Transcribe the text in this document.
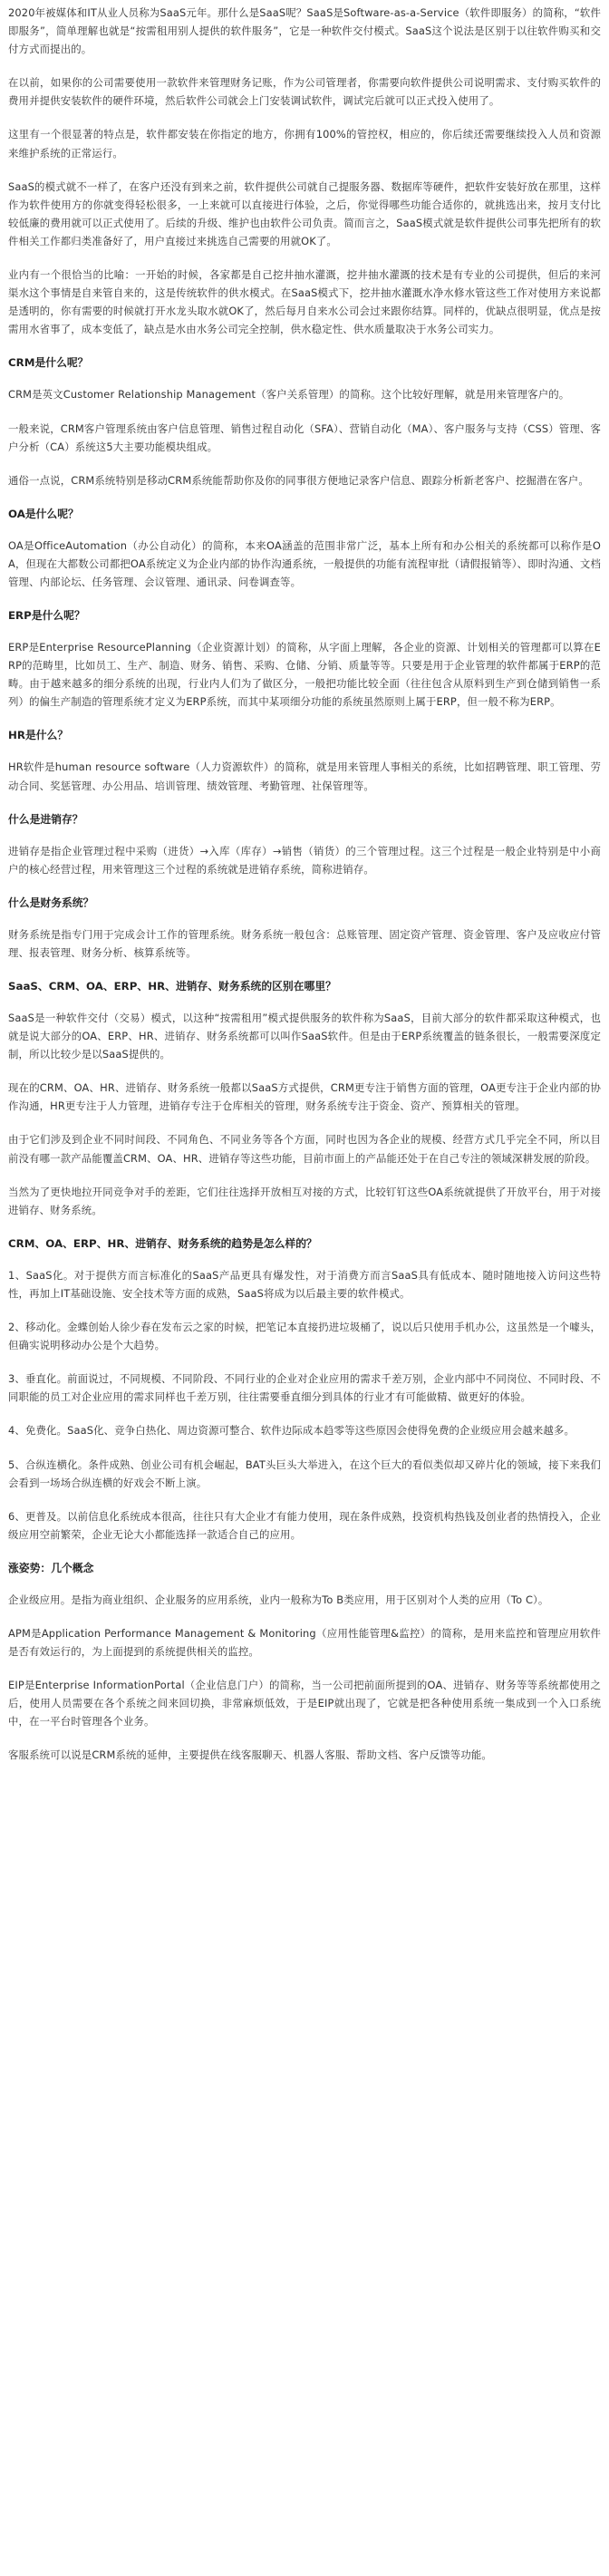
2020年被媒体和IT从业人员称为SaaS元年。那什么是SaaS呢？SaaS是Software-as-a-Service（软件即服务）的简称，“软件即服务”，简单理解也就是“按需租用别人提供的软件服务”，它是一种软件交付模式。SaaS这个说法是区别于以往软件购买和交付方式而提出的。

在以前，如果你的公司需要使用一款软件来管理财务记账，作为公司管理者，你需要向软件提供公司说明需求、支付购买软件的费用并提供安装软件的硬件环境，然后软件公司就会上门安装调试软件，调试完后就可以正式投入使用了。

这里有一个很显著的特点是，软件都安装在你指定的地方，你拥有100%的管控权，相应的，你后续还需要继续投入人员和资源来维护系统的正常运行。

SaaS的模式就不一样了，在客户还没有到来之前，软件提供公司就自己提服务器、数据库等硬件，把软件安装好放在那里，这样作为软件使用方的你就变得轻松很多，一上来就可以直接进行体验，之后，你觉得哪些功能合适你的，就挑选出来，按月支付比较低廉的费用就可以正式使用了。后续的升级、维护也由软件公司负责。简而言之，SaaS模式就是软件提供公司事先把所有的软件相关工作都归类准备好了，用户直接过来挑选自己需要的用就OK了。

业内有一个很恰当的比喻：一开始的时候，各家都是自己挖井抽水灌溉，挖井抽水灌溉的技术是有专业的公司提供，但后的来河渠水这个事情是自来管自来的，这是传统软件的供水模式。在SaaS模式下，挖井抽水灌溉水净水修水管这些工作对使用方来说都是透明的，你有需要的时候就打开水龙头取水就OK了，然后每月自来水公司会过来跟你结算。同样的，优缺点很明显，优点是按需用水省事了，成本变低了，缺点是水由水务公司完全控制，供水稳定性、供水质量取决于水务公司实力。

CRM是什么呢？

CRM是英文Customer Relationship Management（客户关系管理）的简称。这个比较好理解，就是用来管理客户的。

一般来说，CRM客户管理系统由客户信息管理、销售过程自动化（SFA）、营销自动化（MA）、客户服务与支持（CSS）管理、客户分析（CA）系统这5大主要功能模块组成。

通俗一点说，CRM系统特别是移动CRM系统能帮助你及你的同事很方便地记录客户信息、跟踪分析新老客户、挖掘潜在客户。

OA是什么呢？

OA是OfficeAutomation（办公自动化）的简称，本来OA涵盖的范围非常广泛，基本上所有和办公相关的系统都可以称作是OA，但现在大都数公司都把OA系统定义为企业内部的协作沟通系统，一般提供的功能有流程审批（请假报销等）、即时沟通、文档管理、内部论坛、任务管理、会议管理、通讯录、问卷调查等。

ERP是什么呢？

ERP是Enterprise ResourcePlanning（企业资源计划）的简称，从字面上理解，各企业的资源、计划相关的管理都可以算在ERP的范畴里，比如员工、生产、制造、财务、销售、采购、仓储、分销、质量等等。只要是用于企业管理的软件都属于ERP的范畴。由于越来越多的细分系统的出现，行业内人们为了做区分，一般把功能比较全面（往往包含从原料到生产到仓储到销售一系列）的偏生产制造的管理系统才定义为ERP系统，而其中某项细分功能的系统虽然原则上属于ERP，但一般不称为ERP。

HR是什么？

HR软件是human resource software（人力资源软件）的简称，就是用来管理人事相关的系统，比如招聘管理、职工管理、劳动合同、奖惩管理、办公用品、培训管理、绩效管理、考勤管理、社保管理等。

什么是进销存？

进销存是指企业管理过程中采购（进货）→入库（库存）→销售（销货）的三个管理过程。这三个过程是一般企业特别是中小商户的核心经营过程，用来管理这三个过程的系统就是进销存系统，简称进销存。

什么是财务系统？

财务系统是指专门用于完成会计工作的管理系统。财务系统一般包含：总账管理、固定资产管理、资金管理、客户及应收应付管理、报表管理、财务分析、核算系统等。

SaaS、CRM、OA、ERP、HR、进销存、财务系统的区别在哪里？

SaaS是一种软件交付（交易）模式，以这种“按需租用”模式提供服务的软件称为SaaS，目前大部分的软件都采取这种模式，也就是说大部分的OA、ERP、HR、进销存、财务系统都可以叫作SaaS软件。但是由于ERP系统覆盖的链条很长，一般需要深度定制，所以比较少是以SaaS提供的。

现在的CRM、OA、HR、进销存、财务系统一般都以SaaS方式提供，CRM更专注于销售方面的管理，OA更专注于企业内部的协作沟通，HR更专注于人力管理，进销存专注于仓库相关的管理，财务系统专注于资金、资产、预算相关的管理。

由于它们涉及到企业不同时间段、不同角色、不同业务等各个方面，同时也因为各企业的规模、经营方式几乎完全不同，所以目前没有哪一款产品能覆盖CRM、OA、HR、进销存等这些功能，目前市面上的产品能还处于在自己专注的领域深耕发展的阶段。

当然为了更快地拉开同竞争对手的差距，它们往往选择开放相互对接的方式，比较钉钉这些OA系统就提供了开放平台，用于对接进销存、财务系统。

CRM、OA、ERP、HR、进销存、财务系统的趋势是怎么样的？

1、SaaS化。对于提供方而言标准化的SaaS产品更具有爆发性，对于消费方而言SaaS具有低成本、随时随地接入访问这些特性，再加上IT基础设施、安全技术等方面的成熟，SaaS将成为以后最主要的软件模式。

2、移动化。金蝶创始人徐少春在发布云之家的时候，把笔记本直接扔进垃圾桶了，说以后只使用手机办公，这虽然是一个噱头，但确实说明移动办公是个大趋势。

3、垂直化。前面说过，不同规模、不同阶段、不同行业的企业对企业应用的需求千差万别，企业内部中不同岗位、不同时段、不同职能的员工对企业应用的需求同样也千差万别，往往需要垂直细分到具体的行业才有可能做精、做更好的体验。

4、免费化。SaaS化、竞争白热化、周边资源可整合、软件边际成本趋零等这些原因会使得免费的企业级应用会越来越多。

5、合纵连横化。条件成熟、创业公司有机会崛起，BAT头巨头大举进入，在这个巨大的看似类似却又碎片化的领域，接下来我们会看到一场场合纵连横的好戏会不断上演。

6、更普及。以前信息化系统成本很高，往往只有大企业才有能力使用，现在条件成熟，投资机构热钱及创业者的热情投入，企业级应用空前繁荣，企业无论大小都能选择一款适合自己的应用。

涨姿势：几个概念

企业级应用。是指为商业组织、企业服务的应用系统，业内一般称为To B类应用，用于区别对个人类的应用（To C）。

APM是Application Performance Management & Monitoring（应用性能管理&监控）的简称，是用来监控和管理应用软件是否有效运行的，为上面提到的系统提供相关的监控。

EIP是Enterprise InformationPortal（企业信息门户）的简称，当一公司把前面所提到的OA、进销存、财务等等系统都使用之后，使用人员需要在各个系统之间来回切换，非常麻烦低效，于是EIP就出现了，它就是把各种使用系统一集成到一个入口系统中，在一平台时管理各个业务。

客服系统可以说是CRM系统的延伸，主要提供在线客服聊天、机器人客服、帮助文档、客户反馈等功能。
